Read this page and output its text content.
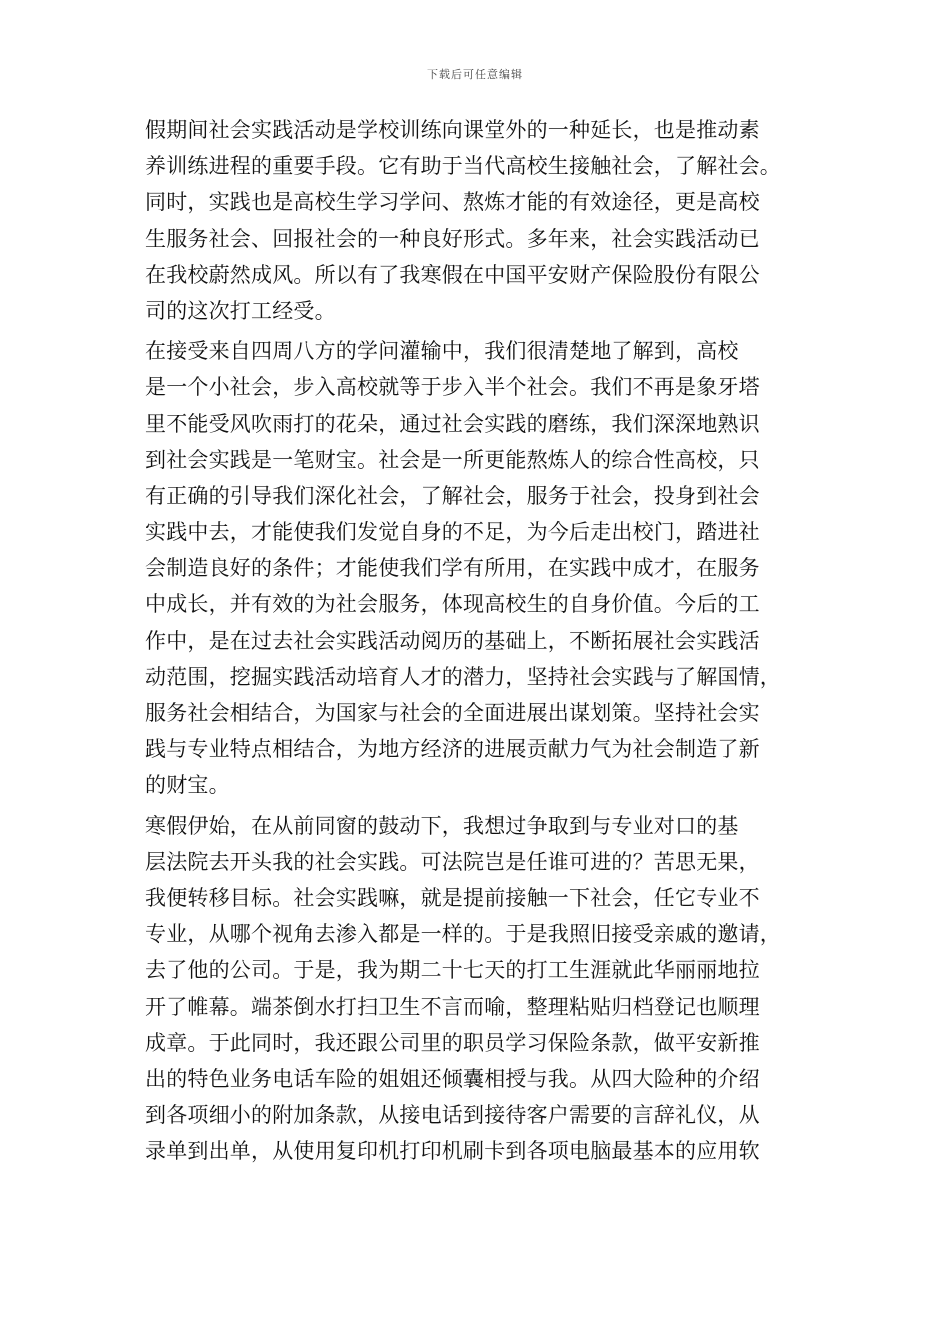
下载后可任意编辑
假期间社会实践活动是学校训练向课堂外的一种延长，也是推动素
养训练进程的重要手段。它有助于当代高校生接触社会，了解社会。
同时，实践也是高校生学习学问、熬炼才能的有效途径，更是高校
生服务社会、回报社会的一种良好形式。多年来，社会实践活动已
在我校蔚然成风。所以有了我寒假在中国平安财产保险股份有限公
司的这次打工经受。
在接受来自四周八方的学问灌输中，我们很清楚地了解到，高校
是一个小社会，步入高校就等于步入半个社会。我们不再是象牙塔
里不能受风吹雨打的花朵，通过社会实践的磨练，我们深深地熟识
到社会实践是一笔财宝。社会是一所更能熬炼人的综合性高校，只
有正确的引导我们深化社会，了解社会，服务于社会，投身到社会
实践中去，才能使我们发觉自身的不足，为今后走出校门，踏进社
会制造良好的条件；才能使我们学有所用，在实践中成才，在服务
中成长，并有效的为社会服务，体现高校生的自身价值。今后的工
作中，是在过去社会实践活动阅历的基础上，不断拓展社会实践活
动范围，挖掘实践活动培育人才的潜力，坚持社会实践与了解国情，
服务社会相结合，为国家与社会的全面进展出谋划策。坚持社会实
践与专业特点相结合，为地方经济的进展贡献力气为社会制造了新
的财宝。
寒假伊始，在从前同窗的鼓动下，我想过争取到与专业对口的基
层法院去开头我的社会实践。可法院岂是任谁可进的？苦思无果，
我便转移目标。社会实践嘛，就是提前接触一下社会，任它专业不
专业，从哪个视角去渗入都是一样的。于是我照旧接受亲戚的邀请，
去了他的公司。于是，我为期二十七天的打工生涯就此华丽丽地拉
开了帷幕。端茶倒水打扫卫生不言而喻，整理粘贴归档登记也顺理
成章。于此同时，我还跟公司里的职员学习保险条款，做平安新推
出的特色业务电话车险的姐姐还倾囊相授与我。从四大险种的介绍
到各项细小的附加条款，从接电话到接待客户需要的言辞礼仪，从
录单到出单，从使用复印机打印机刷卡到各项电脑最基本的应用软
